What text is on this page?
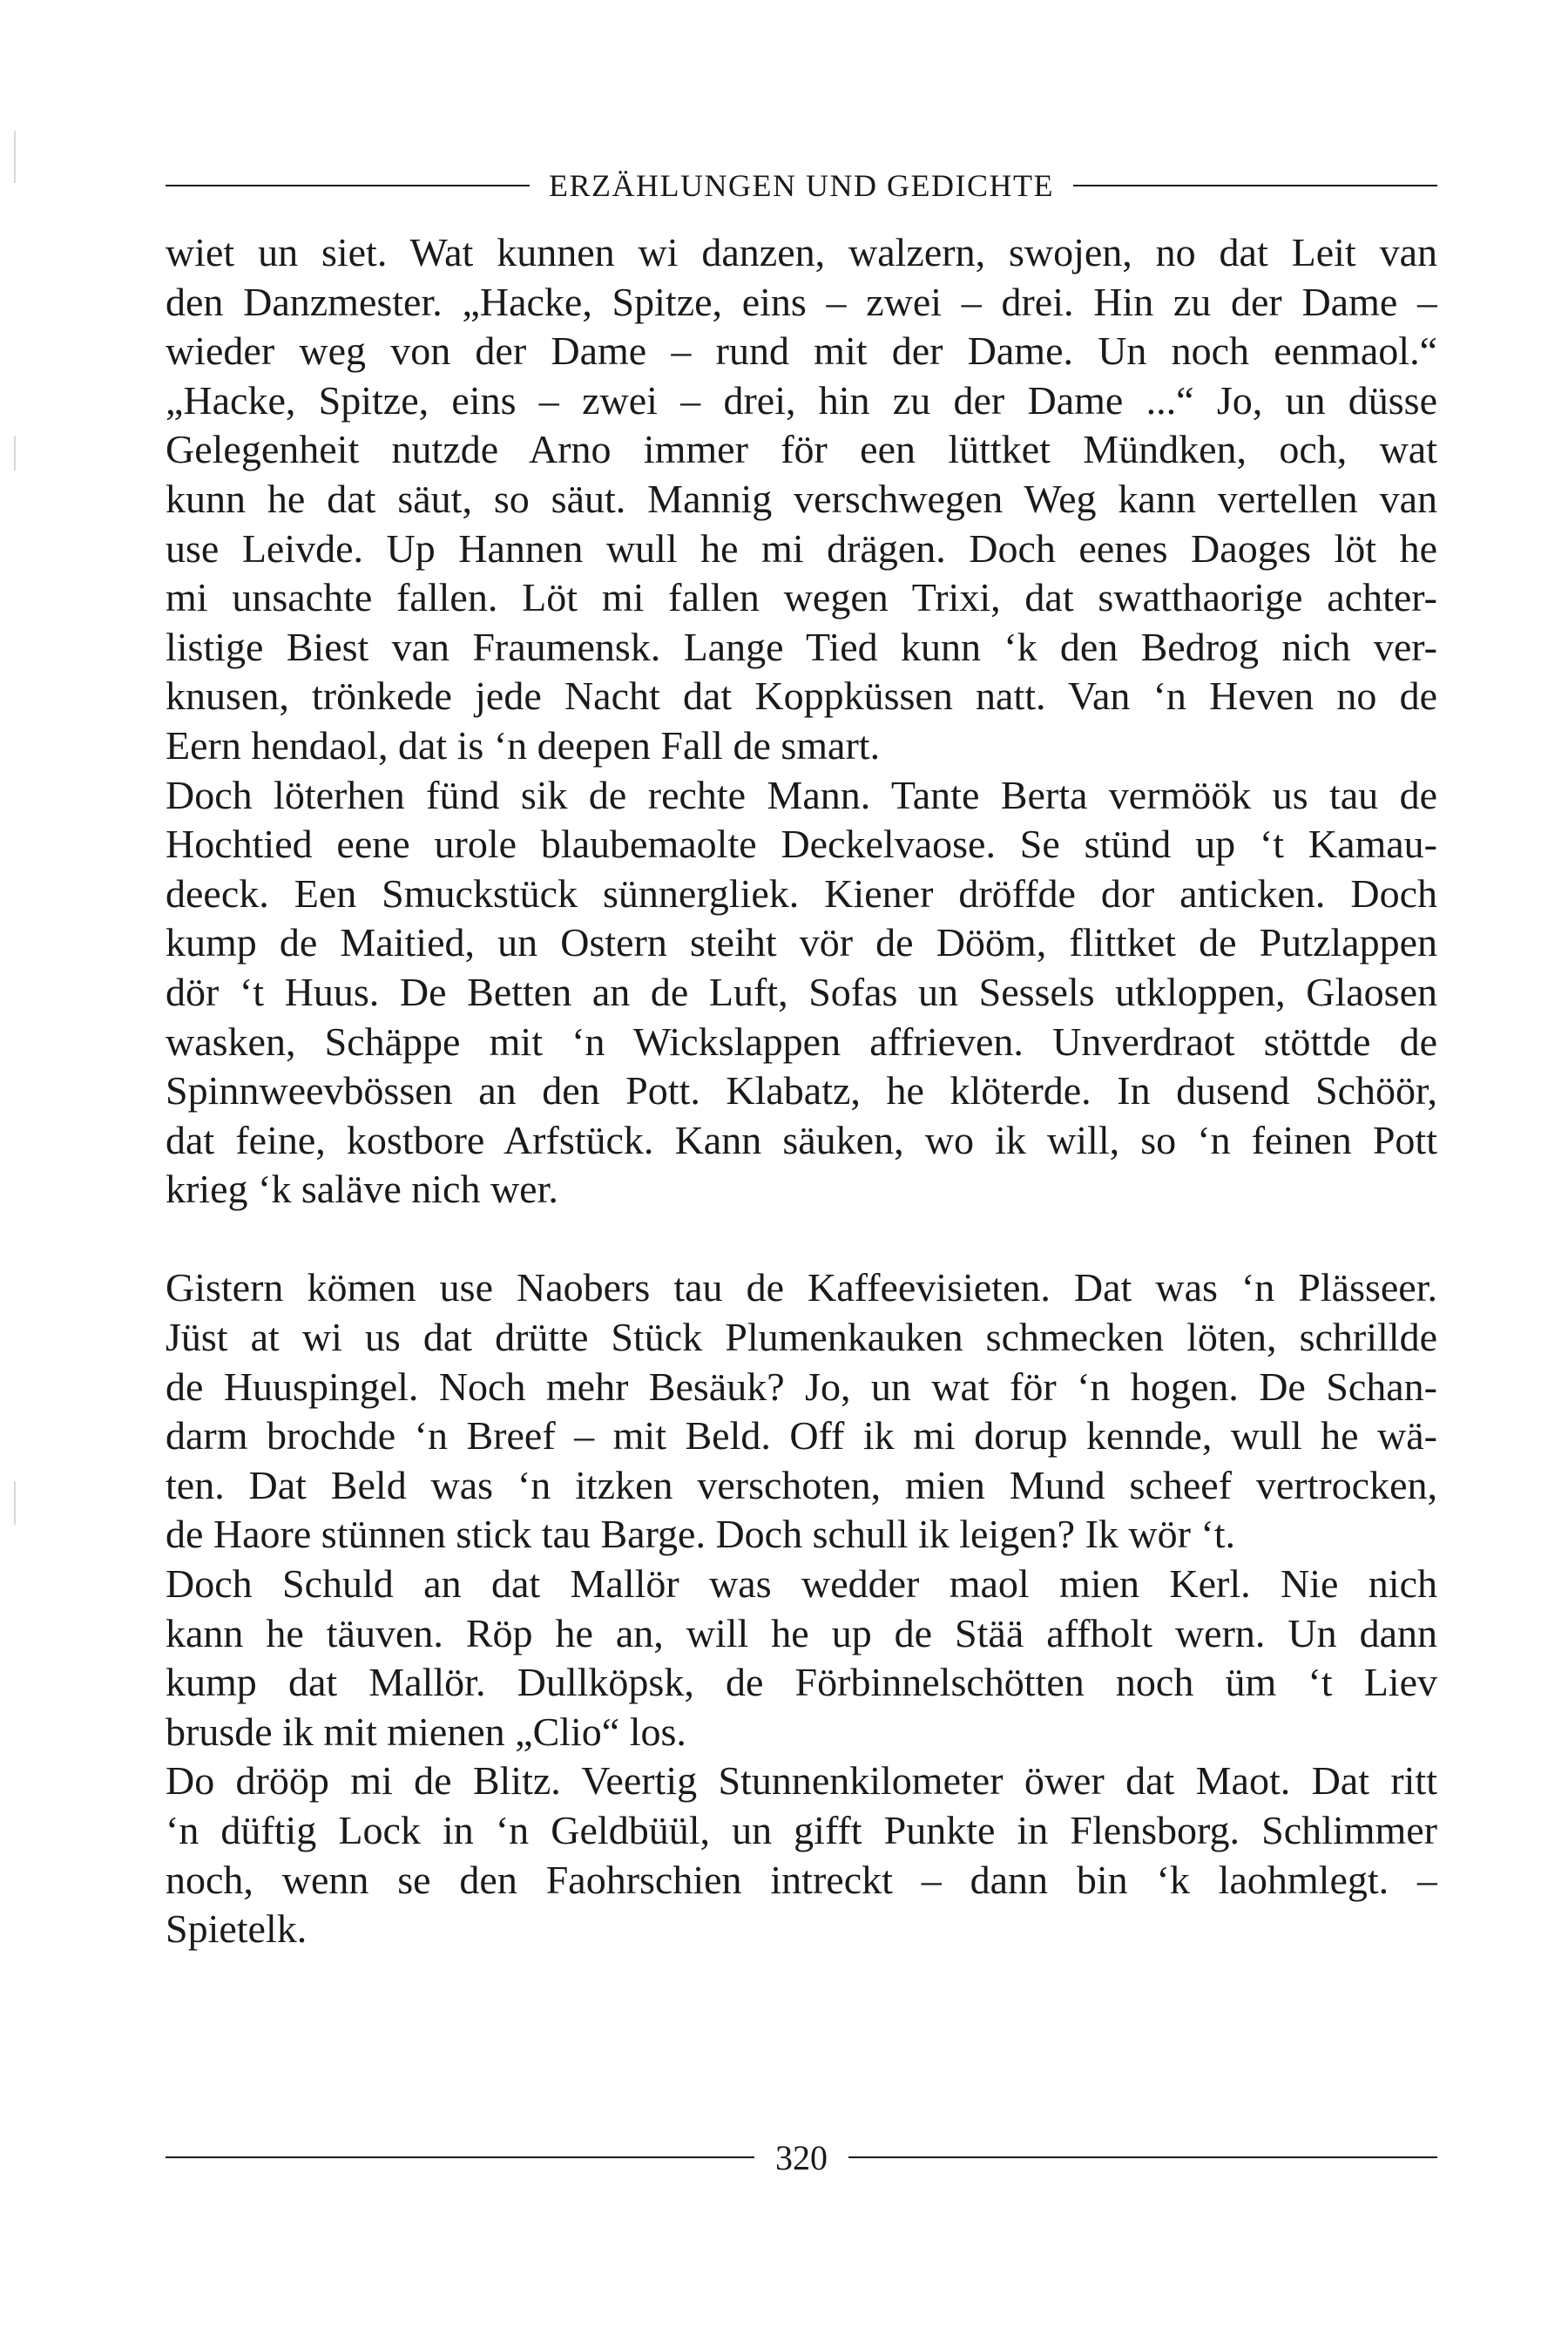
ERZÄHLUNGEN UND GEDICHTE
wiet un siet. Wat kunnen wi danzen, walzern, swojen, no dat Leit van
den Danzmester. „Hacke, Spitze, eins – zwei – drei. Hin zu der Dame –
wieder weg von der Dame – rund mit der Dame. Un noch eenmaol.“
„Hacke, Spitze, eins – zwei – drei, hin zu der Dame ...“ Jo, un düsse
Gelegenheit nutzde Arno immer för een lüttket Mündken, och, wat
kunn he dat säut, so säut. Mannig verschwegen Weg kann vertellen van
use Leivde. Up Hannen wull he mi drägen. Doch eenes Daoges löt he
mi unsachte fallen. Löt mi fallen wegen Trixi, dat swatthaorige achter-
listige Biest van Fraumensk. Lange Tied kunn ‘k den Bedrog nich ver-
knusen, trönkede jede Nacht dat Koppküssen natt. Van ‘n Heven no de
Eern hendaol, dat is ‘n deepen Fall de smart.
Doch löterhen fünd sik de rechte Mann. Tante Berta vermöök us tau de
Hochtied eene urole blaubemaolte Deckelvaose. Se stünd up ‘t Kamau-
deeck. Een Smuckstück sünnergliek. Kiener dröffde dor anticken. Doch
kump de Maitied, un Ostern steiht vör de Dööm, flittket de Putzlappen
dör ‘t Huus. De Betten an de Luft, Sofas un Sessels utkloppen, Glaosen
wasken, Schäppe mit ‘n Wickslappen affrieven. Unverdraot stöttde de
Spinnweevbössen an den Pott. Klabatz, he klöterde. In dusend Schöör,
dat feine, kostbore Arfstück. Kann säuken, wo ik will, so ‘n feinen Pott
krieg ‘k saläve nich wer.
Gistern kömen use Naobers tau de Kaffeevisieten. Dat was ‘n Plässeer.
Jüst at wi us dat drütte Stück Plumenkauken schmecken löten, schrillde
de Huuspingel. Noch mehr Besäuk? Jo, un wat för ‘n hogen. De Schan-
darm brochde ‘n Breef – mit Beld. Off ik mi dorup kennde, wull he wä-
ten. Dat Beld was ‘n itzken verschoten, mien Mund scheef vertrocken,
de Haore stünnen stick tau Barge. Doch schull ik leigen? Ik wör ‘t.
Doch Schuld an dat Mallör was wedder maol mien Kerl. Nie nich
kann he täuven. Röp he an, will he up de Stää affholt wern. Un dann
kump dat Mallör. Dullköpsk, de Förbinnelschötten noch üm ‘t Liev
brusde ik mit mienen „Clio“ los.
Do drööp mi de Blitz. Veertig Stunnenkilometer öwer dat Maot. Dat ritt
‘n düftig Lock in ‘n Geldbüül, un gifft Punkte in Flensborg. Schlimmer
noch, wenn se den Faohrschien intreckt – dann bin ‘k laohmlegt. –
Spietelk.
320
